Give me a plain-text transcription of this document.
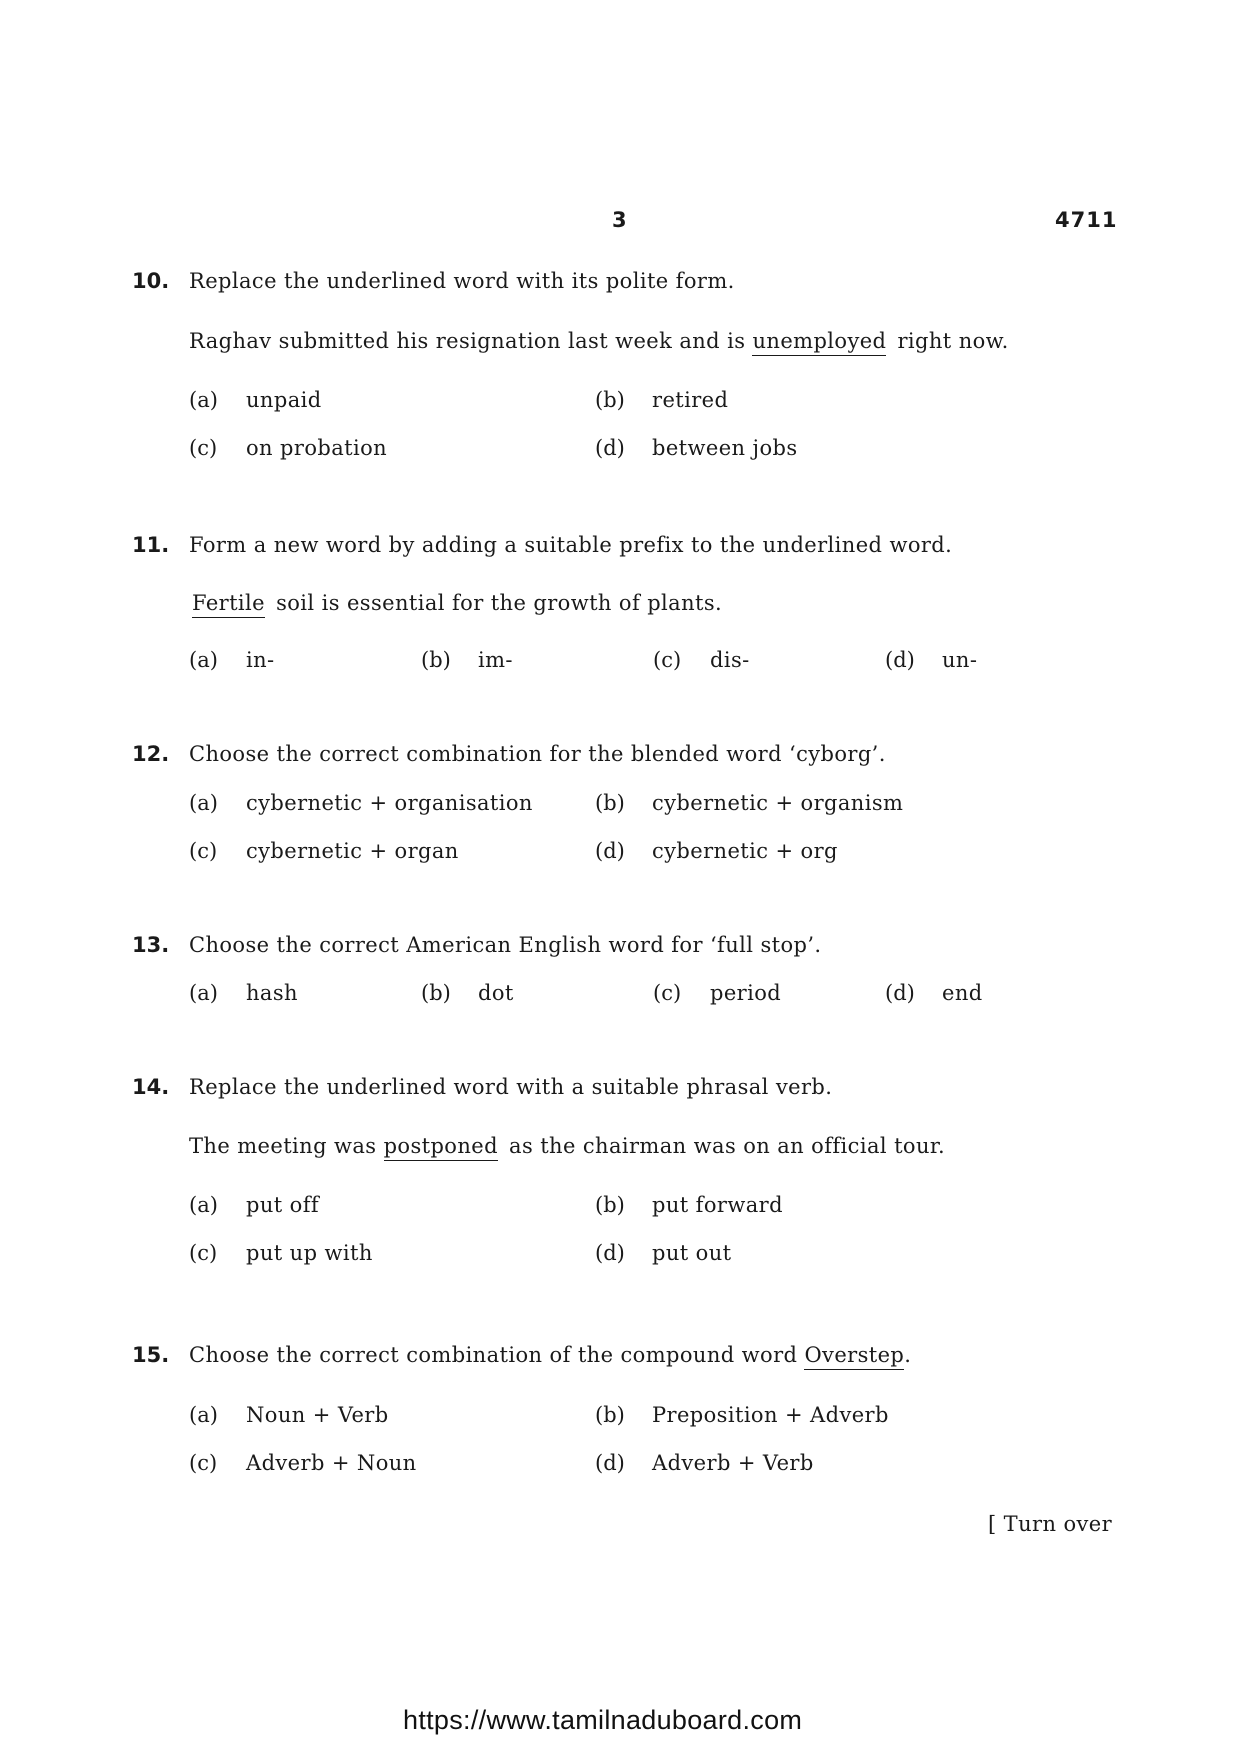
3	4711
10. Replace the underlined word with its polite form.
Raghav submitted his resignation last week and is unemployed right now.
(a) unpaid	(b) retired
(c) on probation	(d) between jobs
11. Form a new word by adding a suitable prefix to the underlined word.
Fertile soil is essential for the growth of plants.
(a) in-	(b) im-	(c) dis-	(d) un-
12. Choose the correct combination for the blended word ‘cyborg’.
(a) cybernetic + organisation	(b) cybernetic + organism
(c) cybernetic + organ	(d) cybernetic + org
13. Choose the correct American English word for ‘full stop’.
(a) hash	(b) dot	(c) period	(d) end
14. Replace the underlined word with a suitable phrasal verb.
The meeting was postponed as the chairman was on an official tour.
(a) put off	(b) put forward
(c) put up with	(d) put out
15. Choose the correct combination of the compound word Overstep.
(a) Noun + Verb	(b) Preposition + Adverb
(c) Adverb + Noun	(d) Adverb + Verb
[ Turn over
https://www.tamilnaduboard.com
